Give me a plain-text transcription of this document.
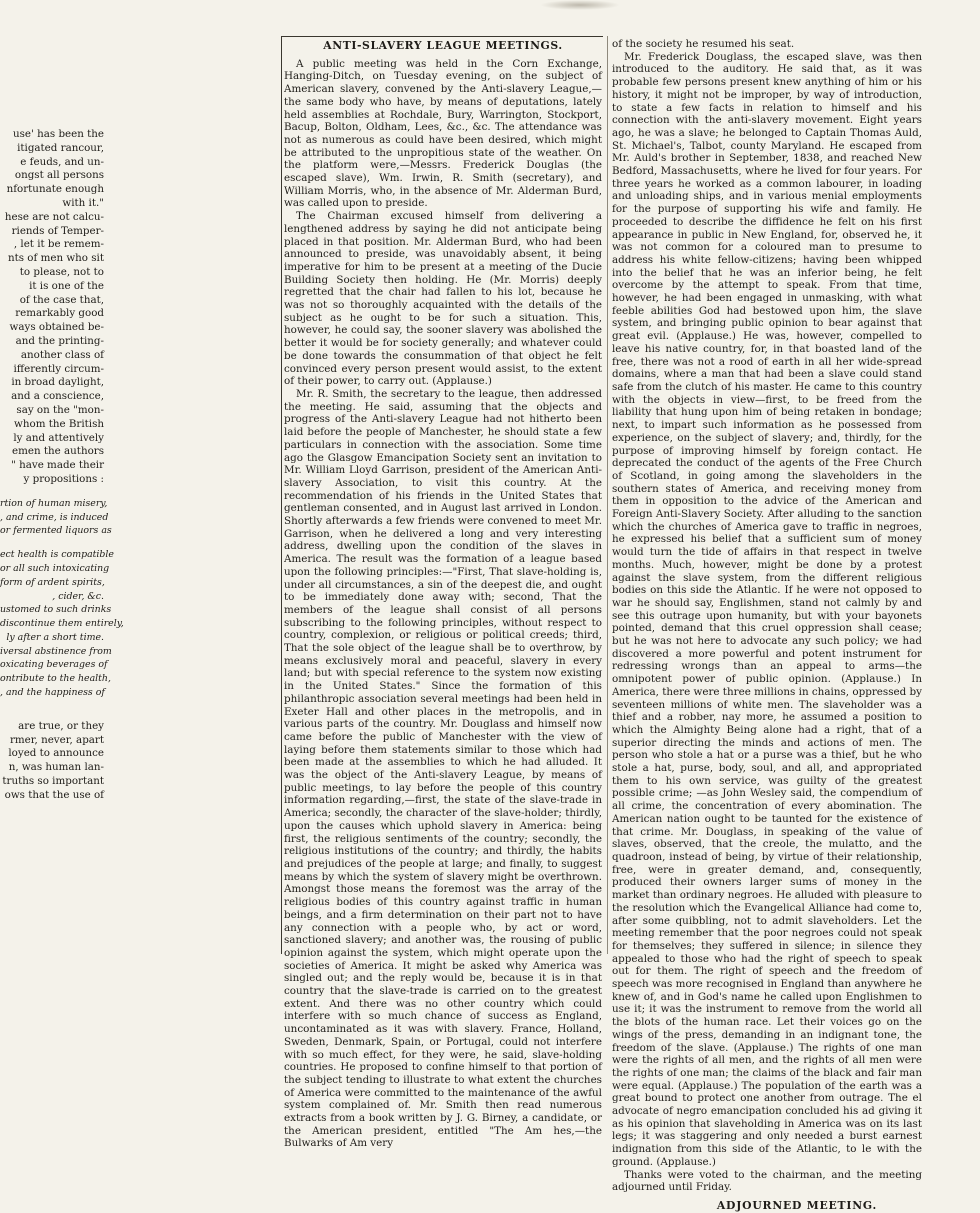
use' has been the
itigated rancour,
e feuds, and un-
ongst all persons
nfortunate enough
with it."
hese are not calcu-
riends of Temper-
, let it be remem-
nts of men who sit
to please, not to
it is one of the
of the case that,
remarkably good
ways obtained be-
and the printing-
another class of
ifferently circum-
in broad daylight,
and a conscience,
say on the "mon-
whom the British
ly and attentively
emen the authors
" have made their
y propositions :
rtion of human misery,
, and crime, is induced
or fermented liquors as
ect health is compatible
or all such intoxicating
form of ardent spirits,
, cider, &c.
ustomed to such drinks
discontinue them entirely,
ly after a short time.
iversal abstinence from
oxicating beverages of
ontribute to the health,
, and the happiness of
are true, or they
rmer, never, apart
loyed to announce
n, was human lan-
truths so important
ows that the use of
ANTI-SLAVERY LEAGUE MEETINGS.

A public meeting was held in the Corn Exchange, Hanging-Ditch, on Tuesday evening, on the subject of American slavery, convened by the Anti-slavery League,—the same body who have, by means of deputations, lately held assemblies at Rochdale, Bury, Warrington, Stockport, Bacup, Bolton, Oldham, Lees, &c., &c. The attendance was not as numerous as could have been desired, which might be attributed to the unpropitious state of the weather. On the platform were,—Messrs. Frederick Douglas (the escaped slave), Wm. Irwin, R. Smith (secretary), and William Morris, who, in the absence of Mr. Alderman Burd, was called upon to preside.

The Chairman excused himself from delivering a lengthened address by saying he did not anticipate being placed in that position. Mr. Alderman Burd, who had been announced to preside, was unavoidably absent, it being imperative for him to be present at a meeting of the Ducie Building Society then holding. He (Mr. Morris) deeply regretted that the chair had fallen to his lot, because he was not so thoroughly acquainted with the details of the subject as he ought to be for such a situation. This, however, he could say, the sooner slavery was abolished the better it would be for society generally; and whatever could be done towards the consummation of that object he felt convinced every person present would assist, to the extent of their power, to carry out. (Applause.)

Mr. R. Smith, the secretary to the league, then addressed the meeting. He said, assuming that the objects and progress of the Anti-slavery League had not hitherto been laid before the people of Manchester, he should state a few particulars in connection with the association. Some time ago the Glasgow Emancipation Society sent an invitation to Mr. William Lloyd Garrison, president of the American Anti-slavery Association, to visit this country. At the recommendation of his friends in the United States that gentleman consented, and in August last arrived in London. Shortly afterwards a few friends were convened to meet Mr. Garrison, when he delivered a long and very interesting address, dwelling upon the condition of the slaves in America. The result was the formation of a league based upon the following principles:—"First, That slave-holding is, under all circumstances, a sin of the deepest die, and ought to be immediately done away with; second, That the members of the league shall consist of all persons subscribing to the following principles, without respect to country, complexion, or religious or political creeds; third, That the sole object of the league shall be to overthrow, by means exclusively moral and peaceful, slavery in every land; but with special reference to the system now existing in the United States." Since the formation of this philanthropic association several meetings had been held in Exeter Hall and other places in the metropolis, and in various parts of the country. Mr. Douglass and himself now came before the public of Manchester with the view of laying before them statements similar to those which had been made at the assemblies to which he had alluded. It was the object of the Anti-slavery League, by means of public meetings, to lay before the people of this country information regarding,—first, the state of the slave-trade in America; secondly, the character of the slave-holder; thirdly, upon the causes which uphold slavery in America: being first, the religious sentiments of the country; secondly, the religious institutions of the country; and thirdly, the habits and prejudices of the people at large; and finally, to suggest means by which the system of slavery might be overthrown. Amongst those means the foremost was the array of the religious bodies of this country against traffic in human beings, and a firm determination on their part not to have any connection with a people who, by act or word, sanctioned slavery; and another was, the rousing of public opinion against the system, which might operate upon the societies of America. It might be asked why America was singled out; and the reply would be, because it is in that country that the slave-trade is carried on to the greatest extent. And there was no other country which could interfere with so much chance of success as England, uncontaminated as it was with slavery. France, Holland, Sweden, Denmark, Spain, or Portugal, could not interfere with so much effect, for they were, he said, slave-holding countries. He proposed to confine himself to that portion of the subject tending to illustrate to what extent the churches of America were committed to the maintenance of the awful system complained of. Mr. Smith then read numerous extracts from a book written by J. G. Birney, a candidate, or the American president, entitled "The Am hes,—the Bulwarks of Am very

of the society he resumed his seat.

Mr. Frederick Douglass, the escaped slave, was then introduced to the auditory. He said that, as it was probable few persons present knew anything of him or his history, it might not be improper, by way of introduction, to state a few facts in relation to himself and his connection with the anti-slavery movement. Eight years ago, he was a slave; he belonged to Captain Thomas Auld, St. Michael's, Talbot, county Maryland. He escaped from Mr. Auld's brother in September, 1838, and reached New Bedford, Massachusetts, where he lived for four years. For three years he worked as a common labourer, in loading and unloading ships, and in various menial employments for the purpose of supporting his wife and family. He proceeded to describe the diffidence he felt on his first appearance in public in New England, for, observed he, it was not common for a coloured man to presume to address his white fellow-citizens; having been whipped into the belief that he was an inferior being, he felt overcome by the attempt to speak. From that time, however, he had been engaged in unmasking, with what feeble abilities God had bestowed upon him, the slave system, and bringing public opinion to bear against that great evil. (Applause.) He was, however, compelled to leave his native country, for, in that boasted land of the free, there was not a rood of earth in all her wide-spread domains, where a man that had been a slave could stand safe from the clutch of his master. He came to this country with the objects in view—first, to be freed from the liability that hung upon him of being retaken in bondage; next, to impart such information as he possessed from experience, on the subject of slavery; and, thirdly, for the purpose of improving himself by foreign contact. He deprecated the conduct of the agents of the Free Church of Scotland, in going among the slaveholders in the southern states of America, and receiving money from them in opposition to the advice of the American and Foreign Anti-Slavery Society. After alluding to the sanction which the churches of America gave to traffic in negroes, he expressed his belief that a sufficient sum of money would turn the tide of affairs in that respect in twelve months. Much, however, might be done by a protest against the slave system, from the different religious bodies on this side the Atlantic. If he were not opposed to war he should say, Englishmen, stand not calmly by and see this outrage upon humanity, but with your bayonets pointed, demand that this cruel oppression shall cease; but he was not here to advocate any such policy; we had discovered a more powerful and potent instrument for redressing wrongs than an appeal to arms—the omnipotent power of public opinion. (Applause.) In America, there were three millions in chains, oppressed by seventeen millions of white men. The slaveholder was a thief and a robber, nay more, he assumed a position to which the Almighty Being alone had a right, that of a superior directing the minds and actions of men. The person who stole a hat or a purse was a thief, but he who stole a hat, purse, body, soul, and all, and appropriated them to his own service, was guilty of the greatest possible crime; —as John Wesley said, the compendium of all crime, the concentration of every abomination. The American nation ought to be taunted for the existence of that crime. Mr. Douglass, in speaking of the value of slaves, observed, that the creole, the mulatto, and the quadroon, instead of being, by virtue of their relationship, free, were in greater demand, and, consequently, produced their owners larger sums of money in the market than ordinary negroes. He alluded with pleasure to the resolution which the Evangelical Alliance had come to, after some quibbling, not to admit slaveholders. Let the meeting remember that the poor negroes could not speak for themselves; they suffered in silence; in silence they appealed to those who had the right of speech to speak out for them. The right of speech and the freedom of speech was more recognised in England than anywhere he knew of, and in God's name he called upon Englishmen to use it; it was the instrument to remove from the world all the blots of the human race. Let their voices go on the wings of the press, demanding in an indignant tone, the freedom of the slave. (Applause.) The rights of one man were the rights of all men, and the rights of all men were the rights of one man; the claims of the black and fair man were equal. (Applause.) The population of the earth was a great bound to protect one another from outrage. The el advocate of negro emancipation concluded his ad giving it as his opinion that slaveholding in America was on its last legs; it was staggering and only needed a burst earnest indignation from this side of the Atlantic, to le with the ground. (Applause.)

Thanks were voted to the chairman, and the meeting adjourned until Friday.

ADJOURNED MEETING.
